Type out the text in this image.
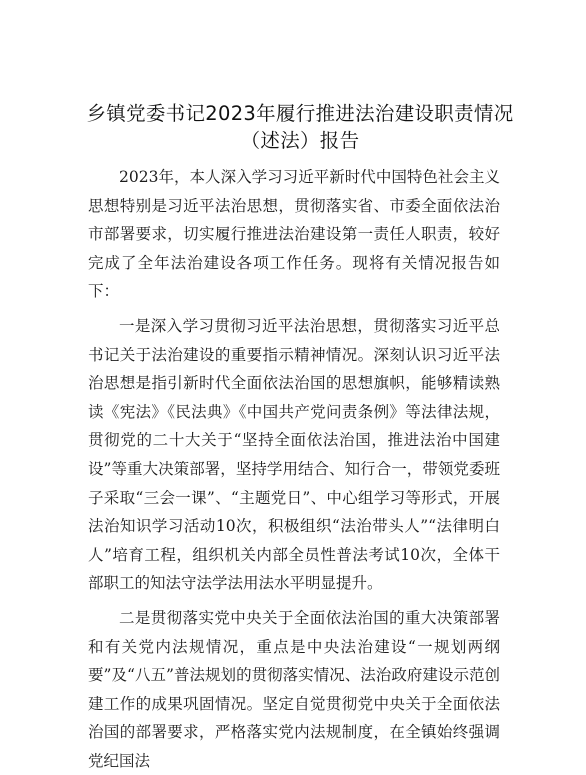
乡镇党委书记2023年履行推进法治建设职责情况（述法）报告

2023年，本人深入学习习近平新时代中国特色社会主义思想特别是习近平法治思想，贯彻落实省、市委全面依法治市部署要求，切实履行推进法治建设第一责任人职责，较好完成了全年法治建设各项工作任务。现将有关情况报告如下：

一是深入学习贯彻习近平法治思想，贯彻落实习近平总书记关于法治建设的重要指示精神情况。深刻认识习近平法治思想是指引新时代全面依法治国的思想旗帜，能够精读熟读《宪法》《民法典》《中国共产党问责条例》等法律法规，贯彻党的二十大关于“坚持全面依法治国，推进法治中国建设”等重大决策部署，坚持学用结合、知行合一，带领党委班子采取“三会一课”、“主题党日”、中心组学习等形式，开展法治知识学习活动10次，积极组织“法治带头人”“法律明白人”培育工程，组织机关内部全员性普法考试10次，全体干部职工的知法守法学法用法水平明显提升。

二是贯彻落实党中央关于全面依法治国的重大决策部署和有关党内法规情况，重点是中央法治建设“一规划两纲要”及“八五”普法规划的贯彻落实情况、法治政府建设示范创建工作的成果巩固情况。坚定自觉贯彻党中央关于全面依法治国的部署要求，严格落实党内法规制度，在全镇始终强调党纪国法
